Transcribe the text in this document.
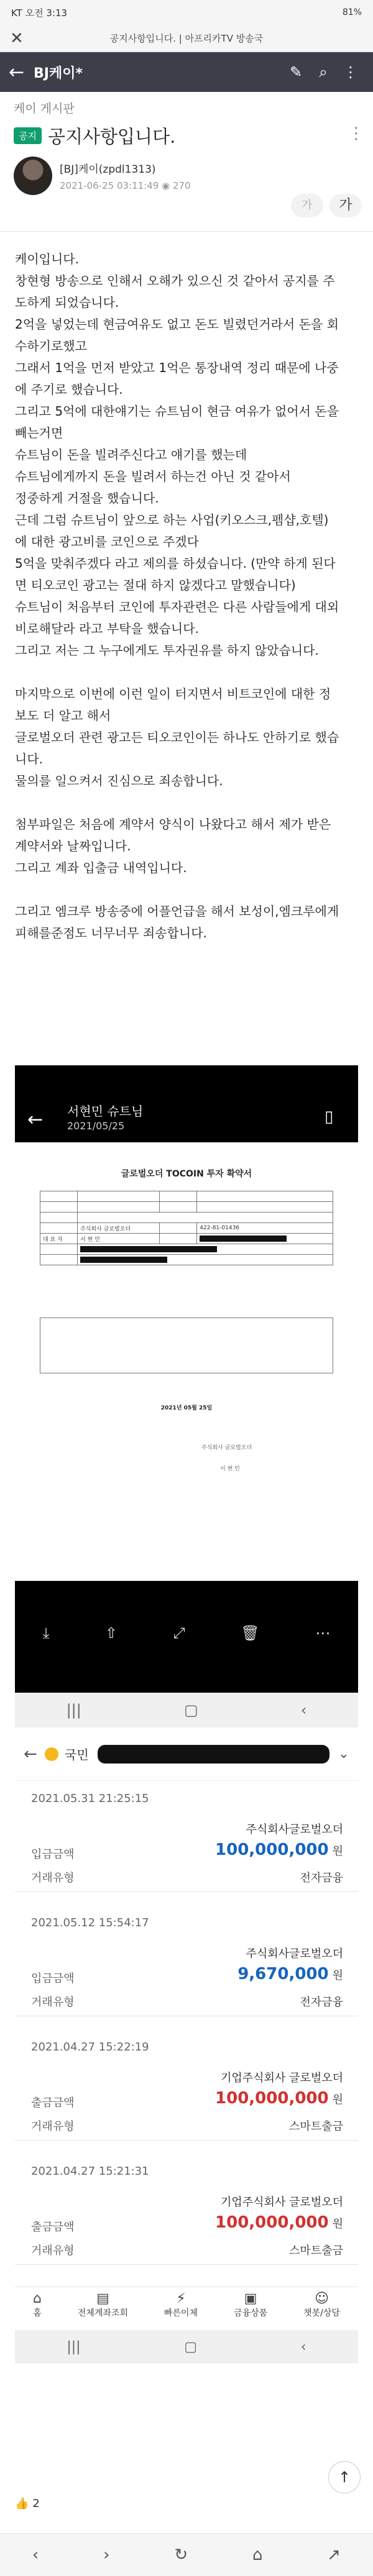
KT 오전 3:13	81%
✕	공지사항입니다. | 아프리카TV 방송국
← BJ케이*	✎	⌕	⋮
케이 게시판
공지 공지사항입니다.	⋮
[BJ]케이(zpdl1313)
2021-06-25 03:11:49 ◉ 270
가	가

케이입니다.

창현형 방송으로 인해서 오해가 있으신 것 같아서 공지를 주

도하게 되었습니다.

2억을 넣었는데 현금여유도 없고 돈도 빌렸던거라서 돈을 회

수하기로했고

그래서 1억을 먼저 받았고 1억은 통장내역 정리 때문에 나중

에 주기로 했습니다.

그리고 5억에 대한얘기는 슈트님이 현금 여유가 없어서 돈을

빼는거면

슈트님이 돈을 빌려주신다고 얘기를 했는데

슈트님에게까지 돈을 빌려서 하는건 아닌 것 같아서

정중하게 거절을 했습니다.

근데 그럼 슈트님이 앞으로 하는 사업(키오스크,펨샵,호텔)

에 대한 광고비를 코인으로 주겠다

5억을 맞춰주겠다 라고 제의를 하셨습니다. (만약 하게 된다

면 티오코인 광고는 절대 하지 않겠다고 말했습니다)

슈트님이 처음부터 코인에 투자관련은 다른 사람들에게 대외

비로해달라 라고 부탁을 했습니다.

그리고 저는 그 누구에게도 투자권유를 하지 않았습니다.

마지막으로 이번에 이런 일이 터지면서 비트코인에 대한 정

보도 더 알고 해서

글로벌오더 관련 광고든 티오코인이든 하나도 안하기로 했습

니다.

물의를 일으켜서 진심으로 죄송합니다.

첨부파일은 처음에 계약서 양식이 나왔다고 해서 제가 받은

계약서와 날짜입니다.

그리고 계좌 입출금 내역입니다.

그리고 엠크루 방송중에 어플언급을 해서 보성이,엠크루에게

피해를준점도 너무너무 죄송합니다.

← 서현민 슈트님
2021/05/25	▯
글로벌오더 TOCOIN 투자 확약서

	주식회사 글로벌오더		422-81-01436
대 표 자	서 현 민		

2021년 05월 25일
주식회사 글로벌오더
서 현 민
⤓	⇧	⤢	🗑	⋯
|||	▢	‹
←	국민	⌄
2021.05.31 21:25:15
주식회사글로벌오더
입금금액	100,000,000 원
거래유형	전자금융
2021.05.12 15:54:17
주식회사글로벌오더
입금금액	9,670,000 원
거래유형	전자금융
2021.04.27 15:22:19
기업주식회사 글로벌오더
출금금액	100,000,000 원
거래유형	스마트출금
2021.04.27 15:21:31
기업주식회사 글로벌오더
출금금액	100,000,000 원
거래유형	스마트출금
⌂
홈
▤
전체계좌조회
⚡
빠른이체
▣
금융상품
☺
챗봇/상담
|||	▢	‹
↑
👍 2
‹	›	↻	⌂	↗
